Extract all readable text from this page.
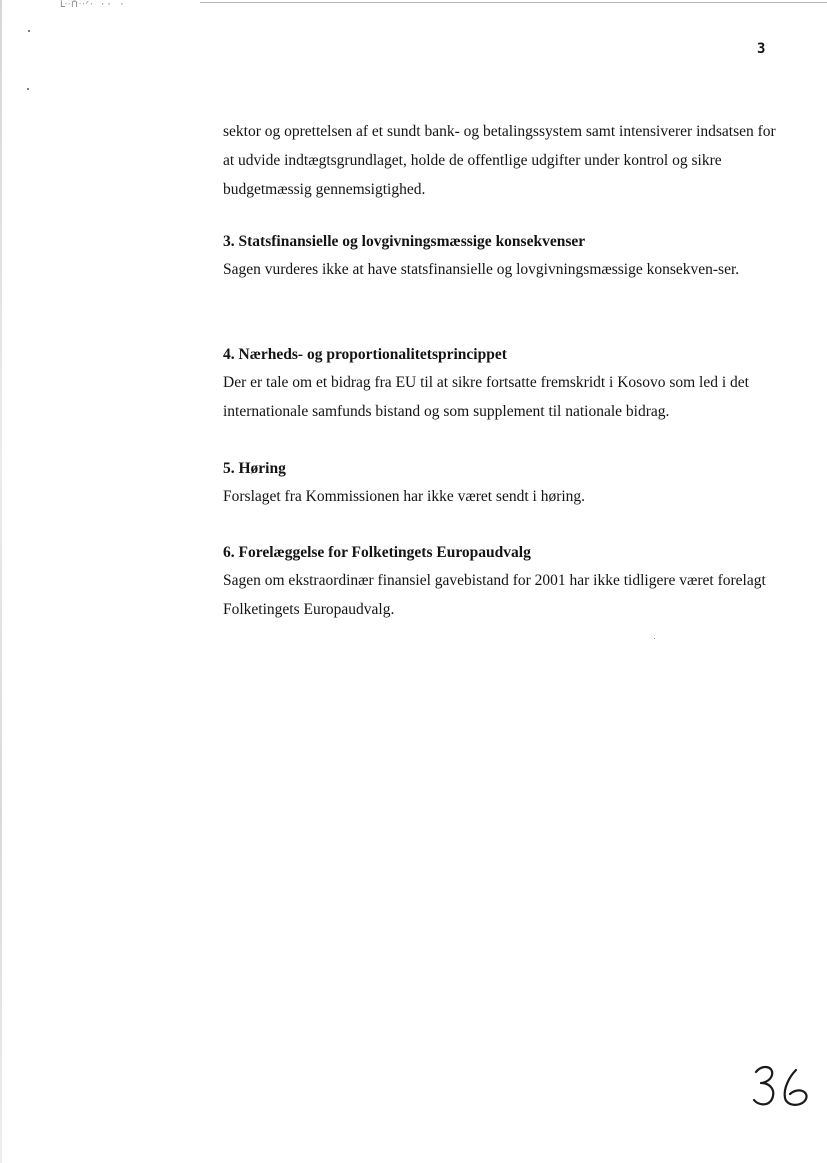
ᒷᐧᑎᐧᐧᐟᐧ ·· ·
3

sektor og oprettelsen af et sundt bank- og betalingssystem samt intensiverer indsatsen for at udvide indtægtsgrundlaget, holde de offentlige udgifter under kontrol og sikre budgetmæssig gennemsigtighed.

3. Statsfinansielle og lovgivningsmæssige konsekvenser

Sagen vurderes ikke at have statsfinansielle og lovgivningsmæssige konsekven-ser.

4. Nærheds- og proportionalitetsprincippet

Der er tale om et bidrag fra EU til at sikre fortsatte fremskridt i Kosovo som led i det internationale samfunds bistand og som supplement til nationale bidrag.

5. Høring

Forslaget fra Kommissionen har ikke været sendt i høring.

6. Forelæggelse for Folketingets Europaudvalg

Sagen om ekstraordinær finansiel gavebistand for 2001 har ikke tidligere været forelagt Folketingets Europaudvalg.
